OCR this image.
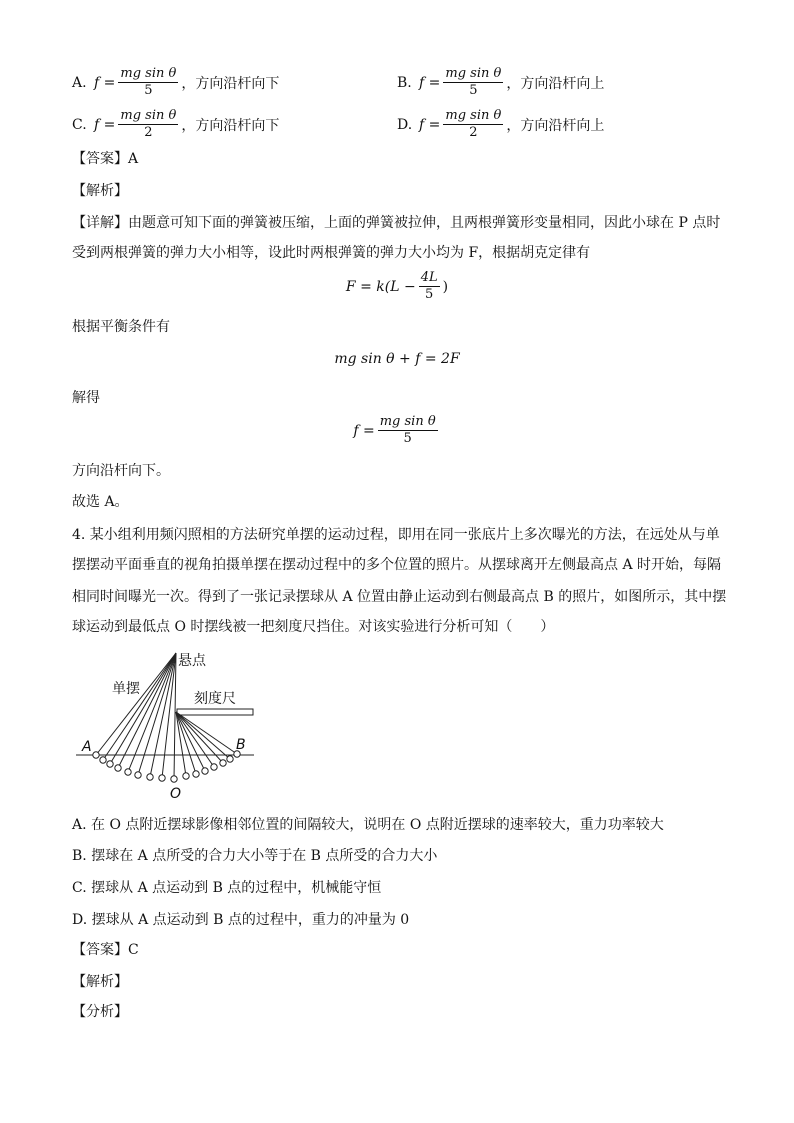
A. $f = \frac{\text{mg sin θ}}{5}$ ，方向沿杆向下	B. $f = \frac{\text{mg sin θ}}{5}$ ，方向沿杆向上
C. $f = \frac{\text{mg sin θ}}{2}$ ，方向沿杆向下	D. $f = \frac{\text{mg sin θ}}{2}$ ，方向沿杆向上
【答案】A
【解析】
【详解】由题意可知下面的弹簧被压缩，上面的弹簧被拉伸，且两根弹簧形变量相同，因此小球在 P 点时
受到两根弹簧的弹力大小相等，设此时两根弹簧的弹力大小均为 F，根据胡克定律有
$F = k(L - \frac{4L}{5}$ )
根据平衡条件有
mg sin θ + f = 2F
解得
$f = \frac{\text{mg sin θ}}{5}$
方向沿杆向下。
故选 A。
4. 某小组利用频闪照相的方法研究单摆的运动过程，即用在同一张底片上多次曝光的方法，在远处从与单
摆摆动平面垂直的视角拍摄单摆在摆动过程中的多个位置的照片。从摆球离开左侧最高点 A 时开始，每隔
相同时间曝光一次。得到了一张记录摆球从 A 位置由静止运动到右侧最高点 B 的照片，如图所示，其中摆
球运动到最低点 O 时摆线被一把刻度尺挡住。对该实验进行分析可知（　　）
悬点
单摆
刻度尺
A	B
O
A. 在 O 点附近摆球影像相邻位置的间隔较大，说明在 O 点附近摆球的速率较大，重力功率较大
B. 摆球在 A 点所受的合力大小等于在 B 点所受的合力大小
C. 摆球从 A 点运动到 B 点的过程中，机械能守恒
D. 摆球从 A 点运动到 B 点的过程中，重力的冲量为 0
【答案】C
【解析】
【分析】
